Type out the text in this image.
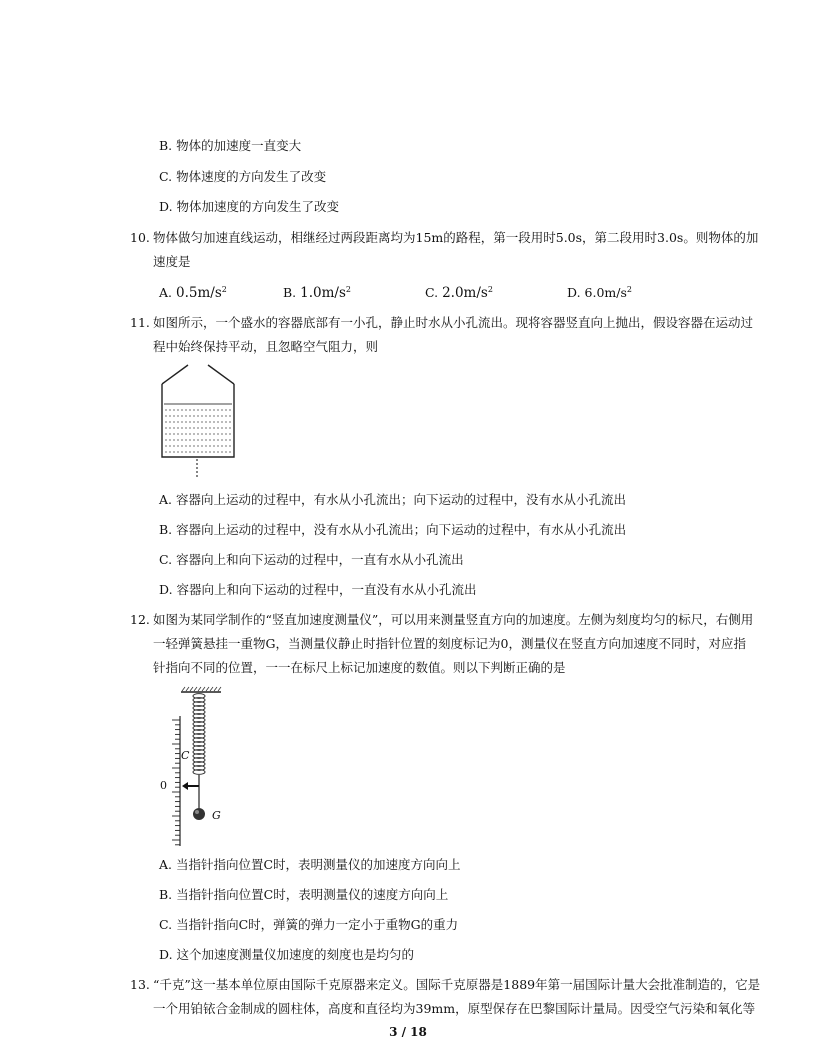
B. 物体的加速度一直变大
C. 物体速度的方向发生了改变
D. 物体加速度的方向发生了改变
10. 物体做匀加速直线运动，相继经过两段距离均为15m的路程，第一段用时5.0s，第二段用时3.0s。则物体的加
速度是
A. $0.5m/s^2$	B. $1.0m/s^2$	C. $2.0m/s^2$	D. $6.0m/s^2$
11. 如图所示，一个盛水的容器底部有一小孔，静止时水从小孔流出。现将容器竖直向上抛出，假设容器在运动过
程中始终保持平动，且忽略空气阻力，则
A. 容器向上运动的过程中，有水从小孔流出；向下运动的过程中，没有水从小孔流出
B. 容器向上运动的过程中，没有水从小孔流出；向下运动的过程中，有水从小孔流出
C. 容器向上和向下运动的过程中，一直有水从小孔流出
D. 容器向上和向下运动的过程中，一直没有水从小孔流出
12. 如图为某同学制作的“竖直加速度测量仪”，可以用来测量竖直方向的加速度。左侧为刻度均匀的标尺，右侧用
一轻弹簧悬挂一重物G，当测量仪静止时指针位置的刻度标记为0，测量仪在竖直方向加速度不同时，对应指
针指向不同的位置，一一在标尺上标记加速度的数值。则以下判断正确的是
C
0
G
A. 当指针指向位置C时，表明测量仪的加速度方向向上
B. 当指针指向位置C时，表明测量仪的速度方向向上
C. 当指针指向C时，弹簧的弹力一定小于重物G的重力
D. 这个加速度测量仪加速度的刻度也是均匀的
13. “千克”这一基本单位原由国际千克原器来定义。国际千克原器是1889年第一届国际计量大会批准制造的，它是
一个用铂铱合金制成的圆柱体，高度和直径均为39mm，原型保存在巴黎国际计量局。因受空气污染和氧化等
3 / 18
